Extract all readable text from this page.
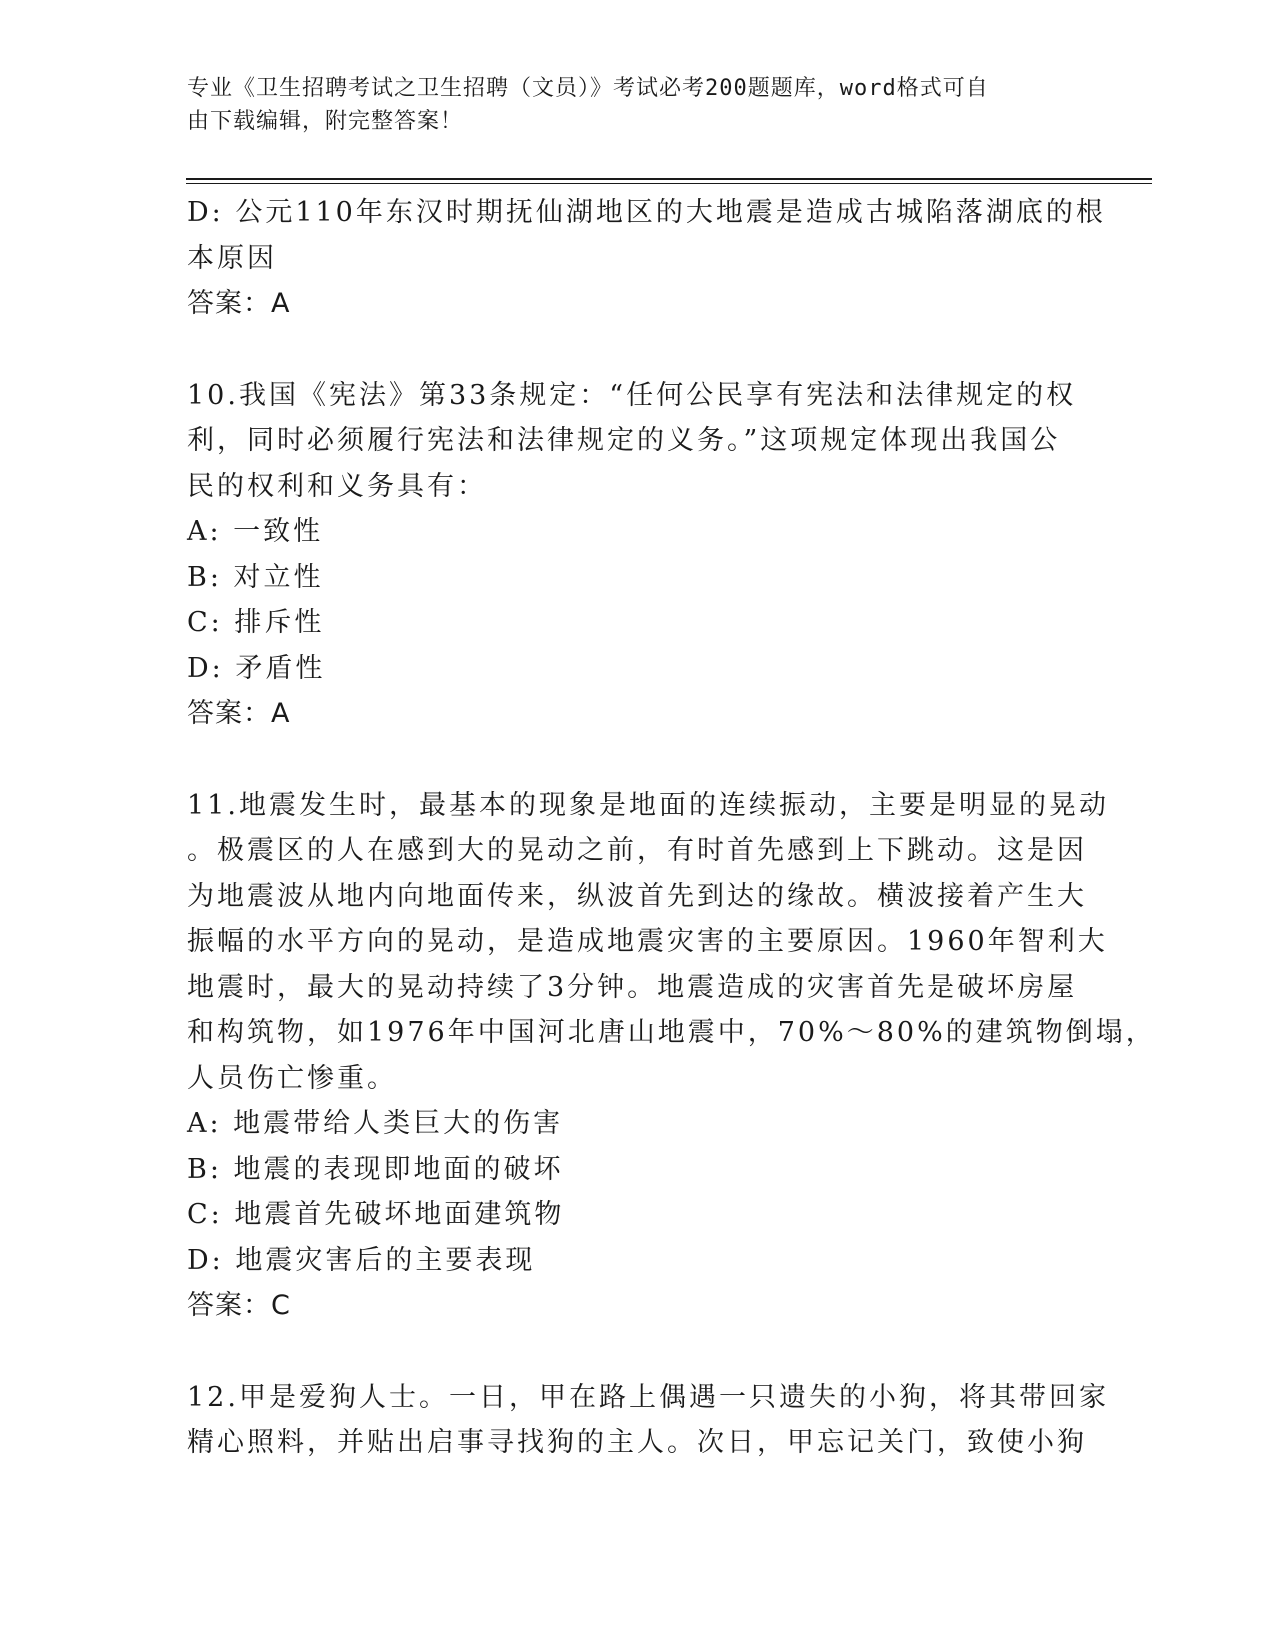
专业《卫生招聘考试之卫生招聘（文员）》考试必考200题题库，word格式可自
由下载编辑，附完整答案！
D: 公元110年东汉时期抚仙湖地区的大地震是造成古城陷落湖底的根
本原因
答案：A
10.我国《宪法》第33条规定：“任何公民享有宪法和法律规定的权
利，同时必须履行宪法和法律规定的义务。”这项规定体现出我国公
民的权利和义务具有：
A: 一致性
B: 对立性
C: 排斥性
D: 矛盾性
答案：A
11.地震发生时，最基本的现象是地面的连续振动，主要是明显的晃动
。极震区的人在感到大的晃动之前，有时首先感到上下跳动。这是因
为地震波从地内向地面传来，纵波首先到达的缘故。横波接着产生大
振幅的水平方向的晃动，是造成地震灾害的主要原因。1960年智利大
地震时，最大的晃动持续了3分钟。地震造成的灾害首先是破坏房屋
和构筑物，如1976年中国河北唐山地震中，70%～80%的建筑物倒塌，
人员伤亡惨重。
A: 地震带给人类巨大的伤害
B: 地震的表现即地面的破坏
C: 地震首先破坏地面建筑物
D: 地震灾害后的主要表现
答案：C
12.甲是爱狗人士。一日，甲在路上偶遇一只遗失的小狗，将其带回家
精心照料，并贴出启事寻找狗的主人。次日，甲忘记关门，致使小狗
